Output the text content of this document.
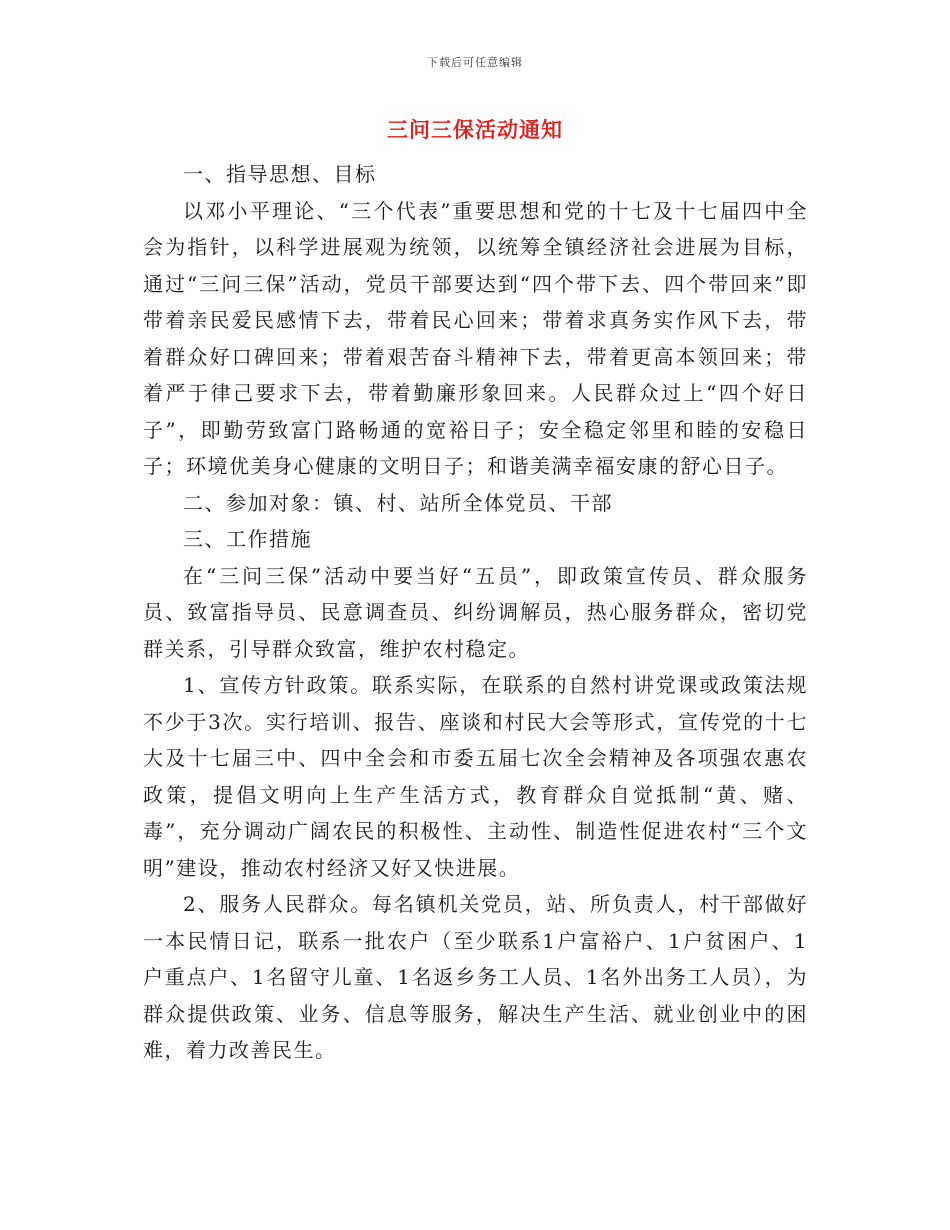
下载后可任意编辑
三问三保活动通知

一、指导思想、目标

以邓小平理论、“三个代表”重要思想和党的十七及十七届四中全会为指针，以科学进展观为统领，以统筹全镇经济社会进展为目标，通过“三问三保”活动，党员干部要达到“四个带下去、四个带回来”即带着亲民爱民感情下去，带着民心回来；带着求真务实作风下去，带着群众好口碑回来；带着艰苦奋斗精神下去，带着更高本领回来；带着严于律己要求下去，带着勤廉形象回来。人民群众过上“四个好日子”，即勤劳致富门路畅通的宽裕日子；安全稳定邻里和睦的安稳日子；环境优美身心健康的文明日子；和谐美满幸福安康的舒心日子。

二、参加对象：镇、村、站所全体党员、干部

三、工作措施

在“三问三保”活动中要当好“五员”，即政策宣传员、群众服务员、致富指导员、民意调查员、纠纷调解员，热心服务群众，密切党群关系，引导群众致富，维护农村稳定。

1、宣传方针政策。联系实际，在联系的自然村讲党课或政策法规不少于3次。实行培训、报告、座谈和村民大会等形式，宣传党的十七大及十七届三中、四中全会和市委五届七次全会精神及各项强农惠农政策，提倡文明向上生产生活方式，教育群众自觉抵制“黄、赌、毒”，充分调动广阔农民的积极性、主动性、制造性促进农村“三个文明”建设，推动农村经济又好又快进展。

2、服务人民群众。每名镇机关党员，站、所负责人，村干部做好一本民情日记，联系一批农户（至少联系1户富裕户、1户贫困户、1户重点户、1名留守儿童、1名返乡务工人员、1名外出务工人员），为群众提供政策、业务、信息等服务，解决生产生活、就业创业中的困难，着力改善民生。
